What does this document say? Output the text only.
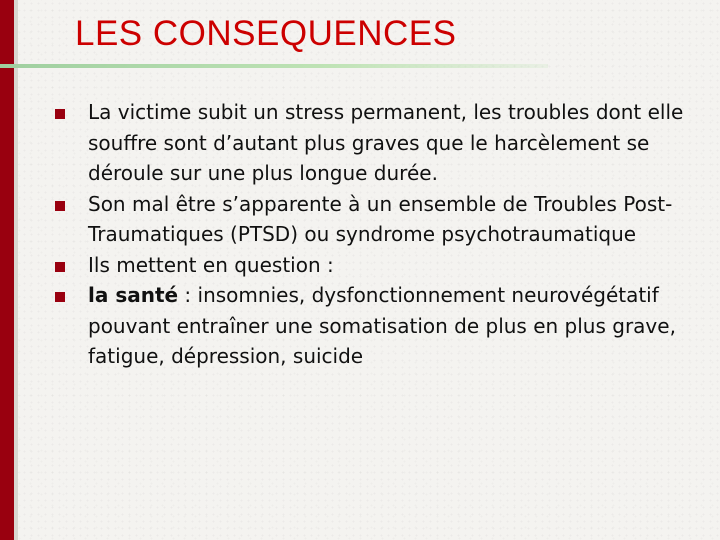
LES CONSEQUENCES
La victime subit un stress permanent, les troubles dont elle souffre sont d’autant plus graves que le harcèlement se déroule sur une plus longue durée.
Son mal être s’apparente à un ensemble de Troubles Post-Traumatiques (PTSD) ou syndrome psychotraumatique
Ils mettent en question :
la santé : insomnies, dysfonctionnement neurovégétatif pouvant entraîner une somatisation de plus en plus grave, fatigue, dépression, suicide
